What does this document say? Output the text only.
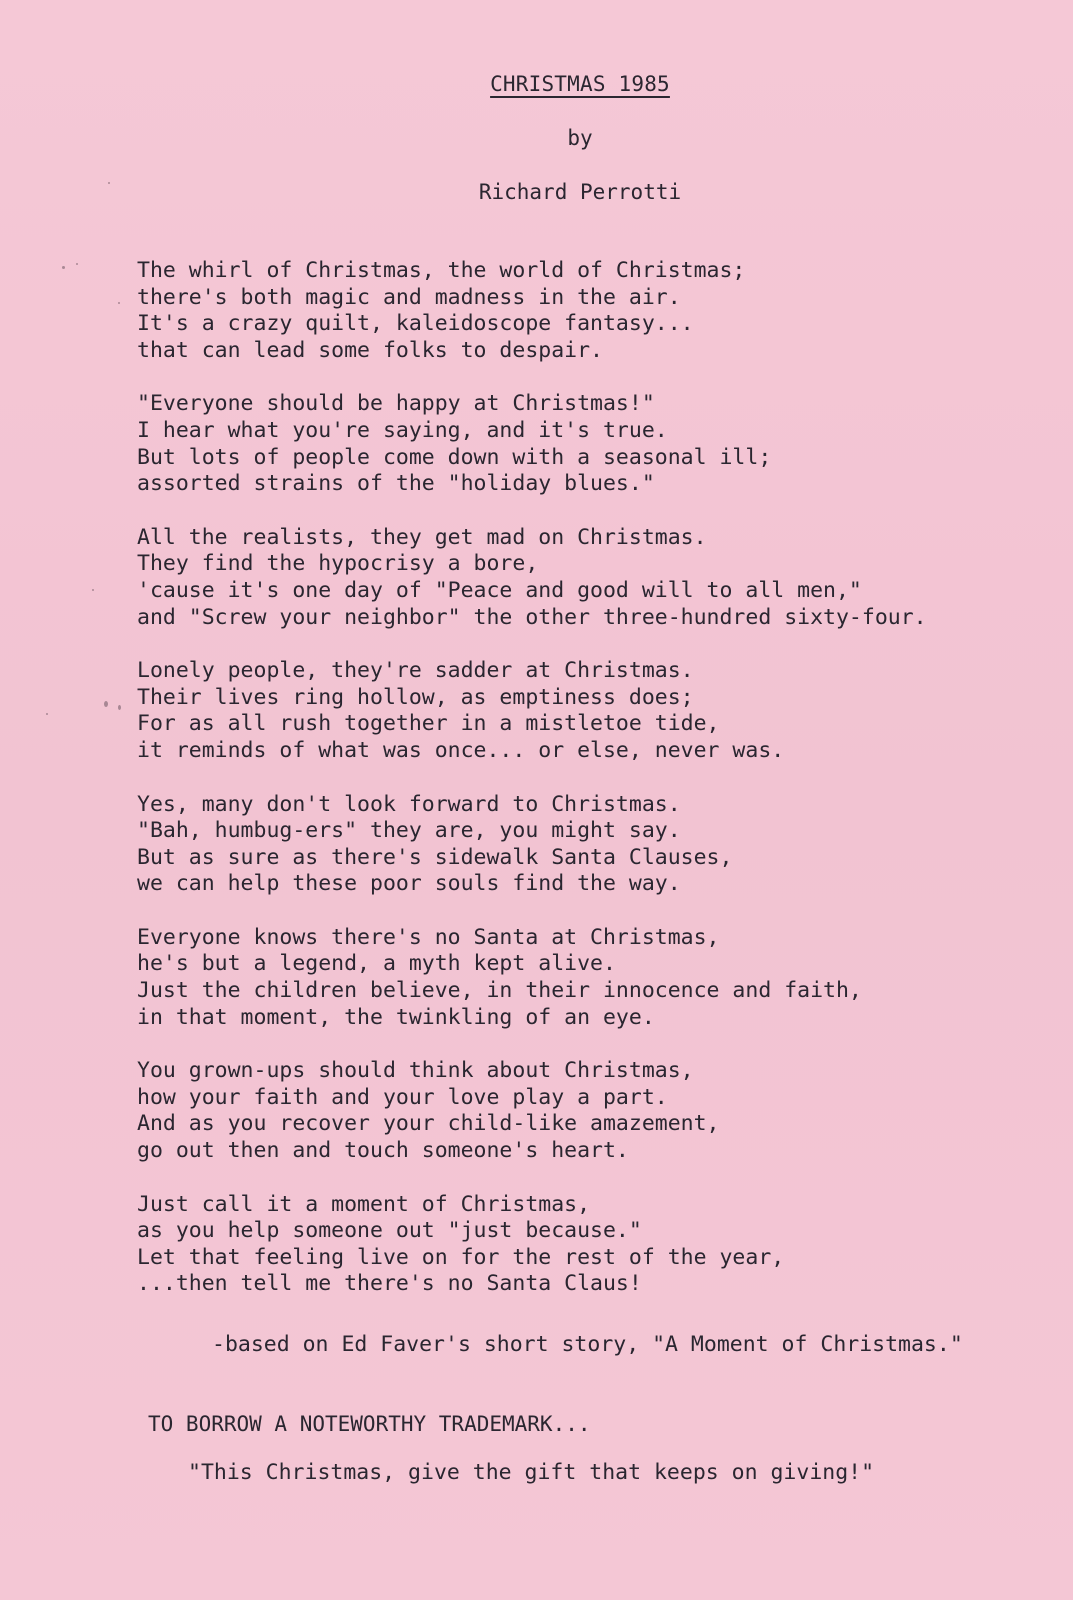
CHRISTMAS 1985
by
Richard Perrotti
The whirl of Christmas, the world of Christmas;
there's both magic and madness in the air.
It's a crazy quilt, kaleidoscope fantasy...
that can lead some folks to despair.
"Everyone should be happy at Christmas!"
I hear what you're saying, and it's true.
But lots of people come down with a seasonal ill;
assorted strains of the "holiday blues."
All the realists, they get mad on Christmas.
They find the hypocrisy a bore,
'cause it's one day of "Peace and good will to all men,"
and "Screw your neighbor" the other three-hundred sixty-four.
Lonely people, they're sadder at Christmas.
Their lives ring hollow, as emptiness does;
For as all rush together in a mistletoe tide,
it reminds of what was once... or else, never was.
Yes, many don't look forward to Christmas.
"Bah, humbug-ers" they are, you might say.
But as sure as there's sidewalk Santa Clauses,
we can help these poor souls find the way.
Everyone knows there's no Santa at Christmas,
he's but a legend, a myth kept alive.
Just the children believe, in their innocence and faith,
in that moment, the twinkling of an eye.
You grown-ups should think about Christmas,
how your faith and your love play a part.
And as you recover your child-like amazement,
go out then and touch someone's heart.
Just call it a moment of Christmas,
as you help someone out "just because."
Let that feeling live on for the rest of the year,
...then tell me there's no Santa Claus!
-based on Ed Faver's short story, "A Moment of Christmas."
TO BORROW A NOTEWORTHY TRADEMARK...
"This Christmas, give the gift that keeps on giving!"
